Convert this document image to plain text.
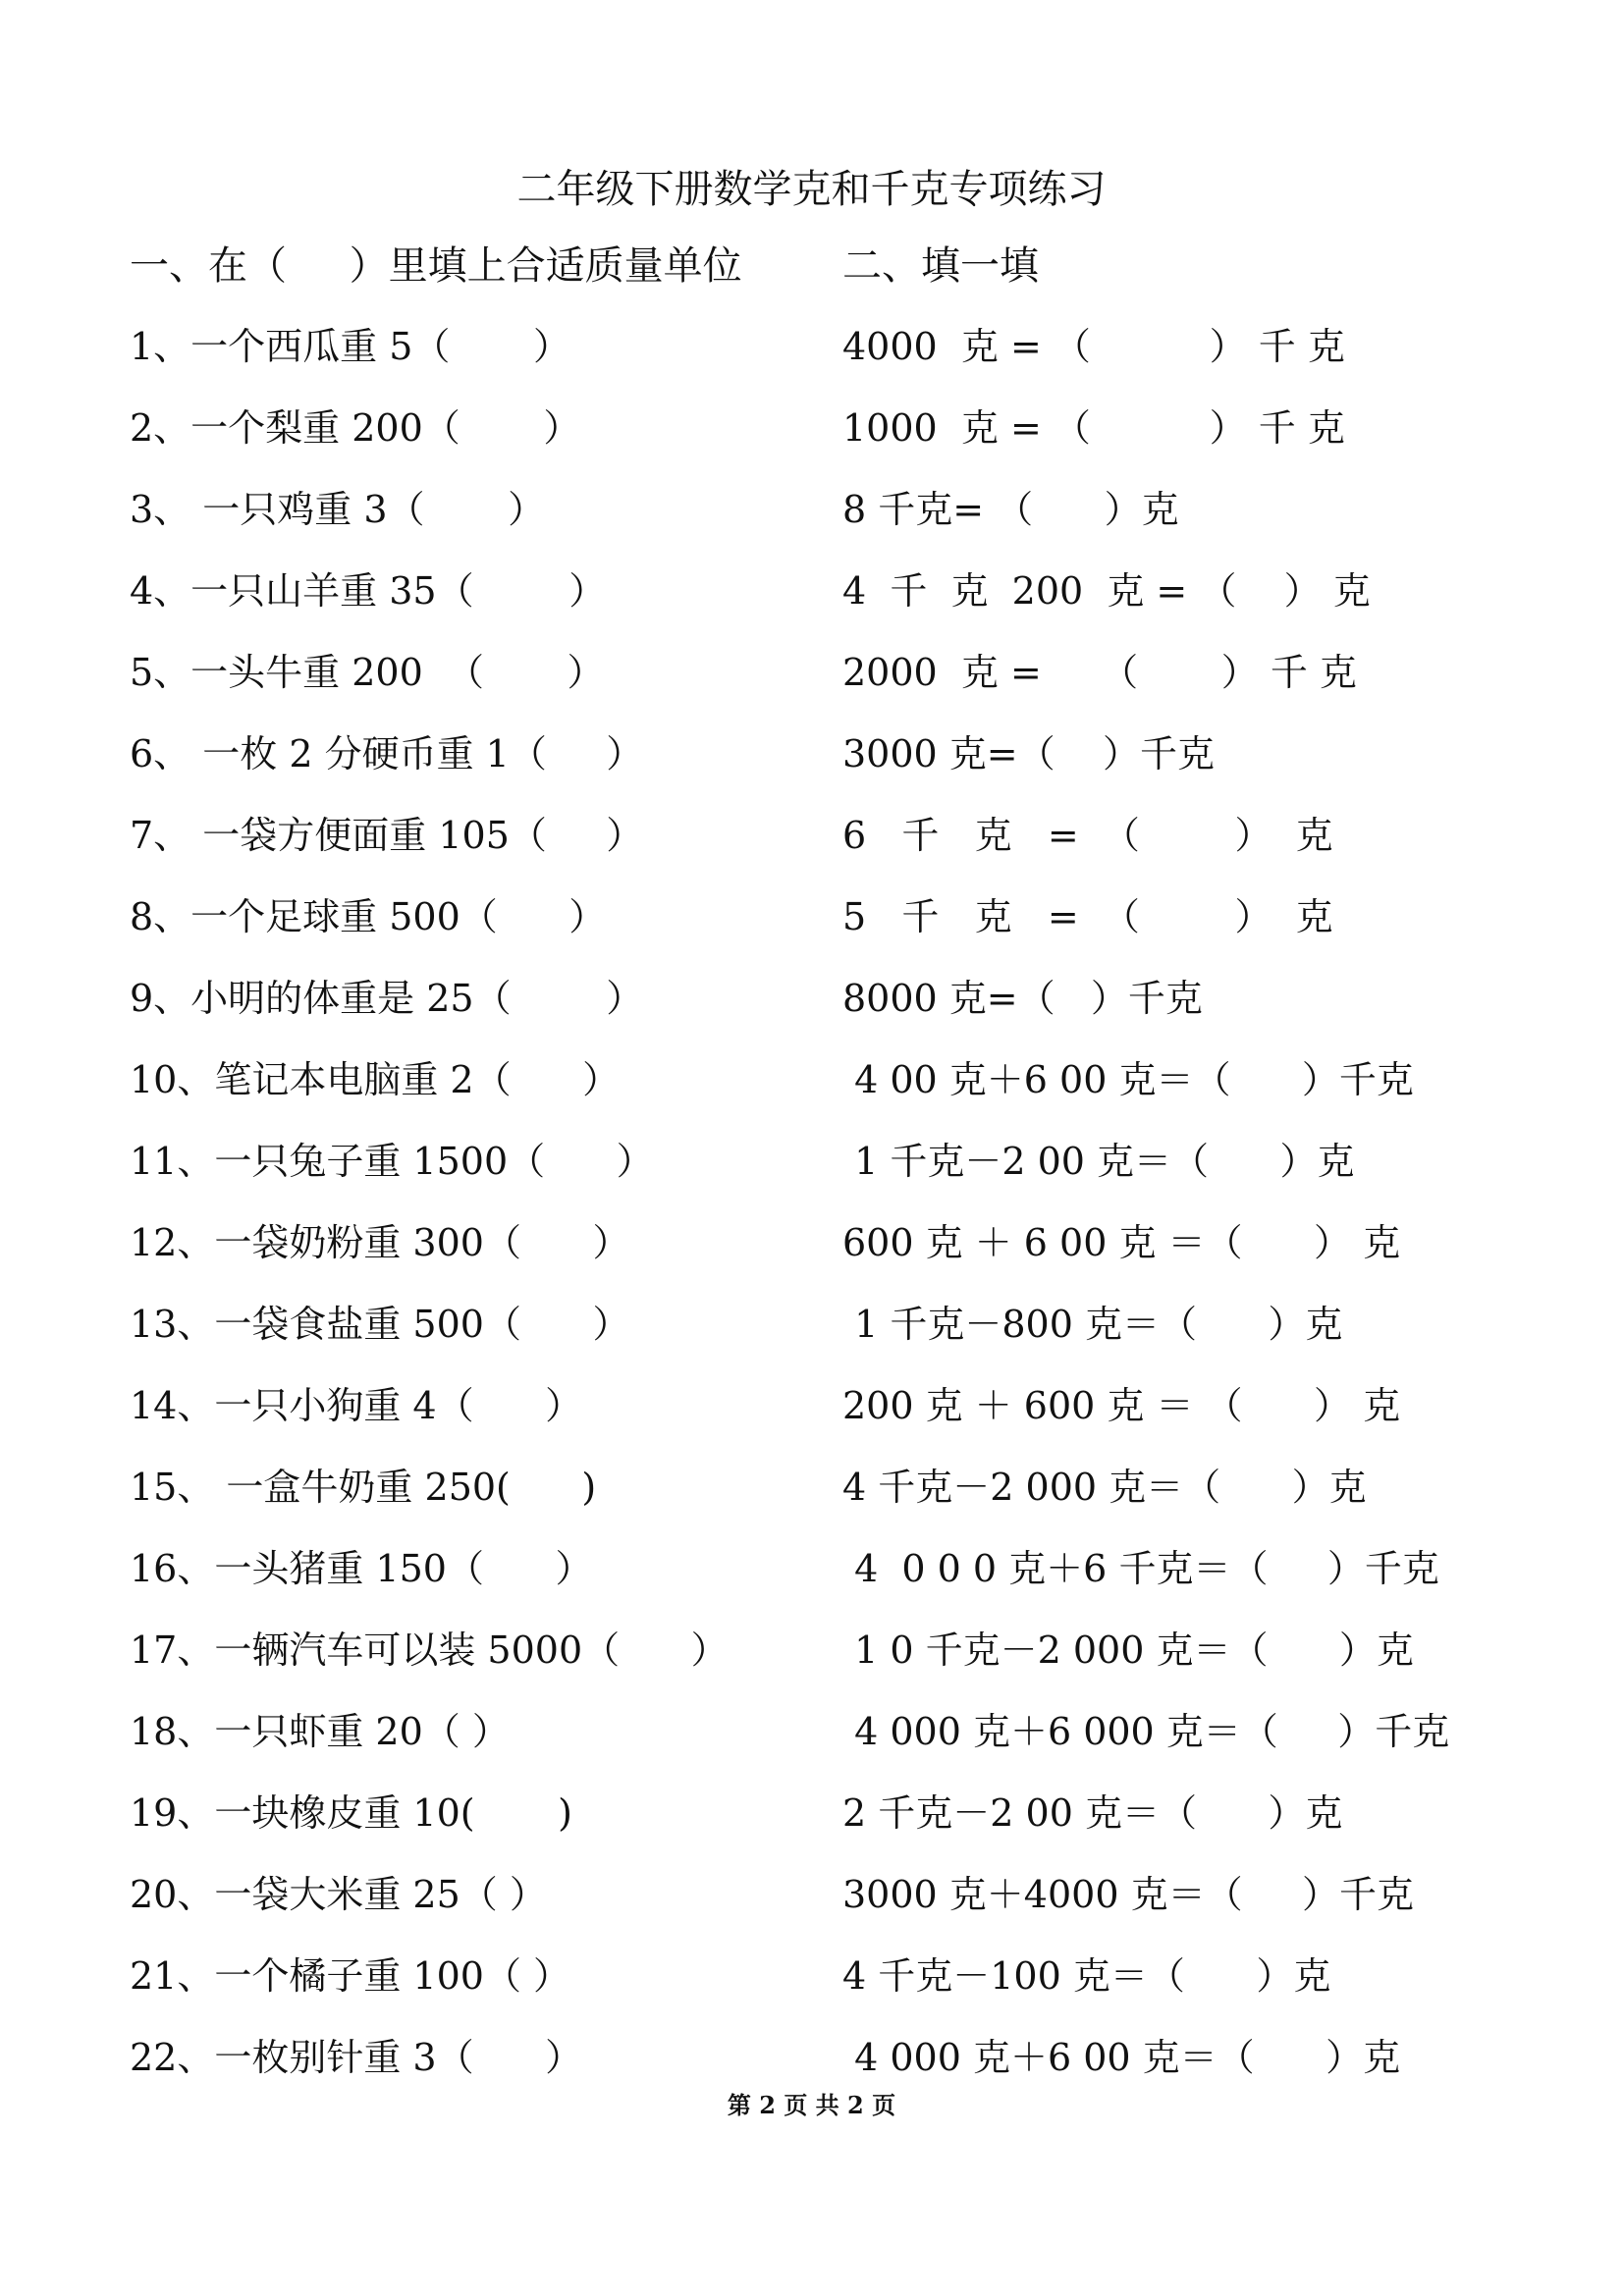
二年级下册数学克和千克专项练习
一、在（     ）里填上合适质量单位	二、填一填
1、一个西瓜重 5（       ）
2、一个梨重 200（       ）
3、 一只鸡重 3（       ）
4、一只山羊重 35（        ）
5、一头牛重 200  （       ）
6、 一枚 2 分硬币重 1（     ）
7、 一袋方便面重 105（     ）
8、一个足球重 500（      ）
9、小明的体重是 25（        ）
10、笔记本电脑重 2（      ）
11、一只兔子重 1500（      ）
12、一袋奶粉重 300（      ）
13、一袋食盐重 500（      ）
14、一只小狗重 4（      ）
15、 一盒牛奶重 250(      )
16、一头猪重 150（      ）
17、一辆汽车可以装 5000（      ）
18、一只虾重 20（ ）
19、一块橡皮重 10(       )
20、一袋大米重 25（ ）
21、一个橘子重 100（ ）
22、一枚别针重 3（      ）
4000  克 = （          ） 千 克
1000  克 = （          ） 千 克
8 千克= （      ）克
4  千  克  200  克 = （    ） 克
2000  克 =     （       ） 千 克
3000 克=（    ）千克
6   千   克   =  （        ）  克
5   千   克   =  （        ）  克
8000 克=（   ）千克
4 00 克＋6 00 克＝（      ）千克
1 千克－2 00 克＝（      ）克
600 克 ＋ 6 00 克 ＝（      ） 克
1 千克－800 克＝（      ）克
200 克 ＋ 600 克 ＝ （      ） 克
4 千克－2 000 克＝（      ）克
4  0 0 0 克＋6 千克＝（     ）千克
1 0 千克－2 000 克＝（      ）克
4 000 克＋6 000 克＝（     ）千克
2 千克－2 00 克＝（      ）克
3000 克＋4000 克＝（     ）千克
4 千克－100 克＝（      ）克
4 000 克＋6 00 克＝（      ）克
第 2 页 共 2 页
